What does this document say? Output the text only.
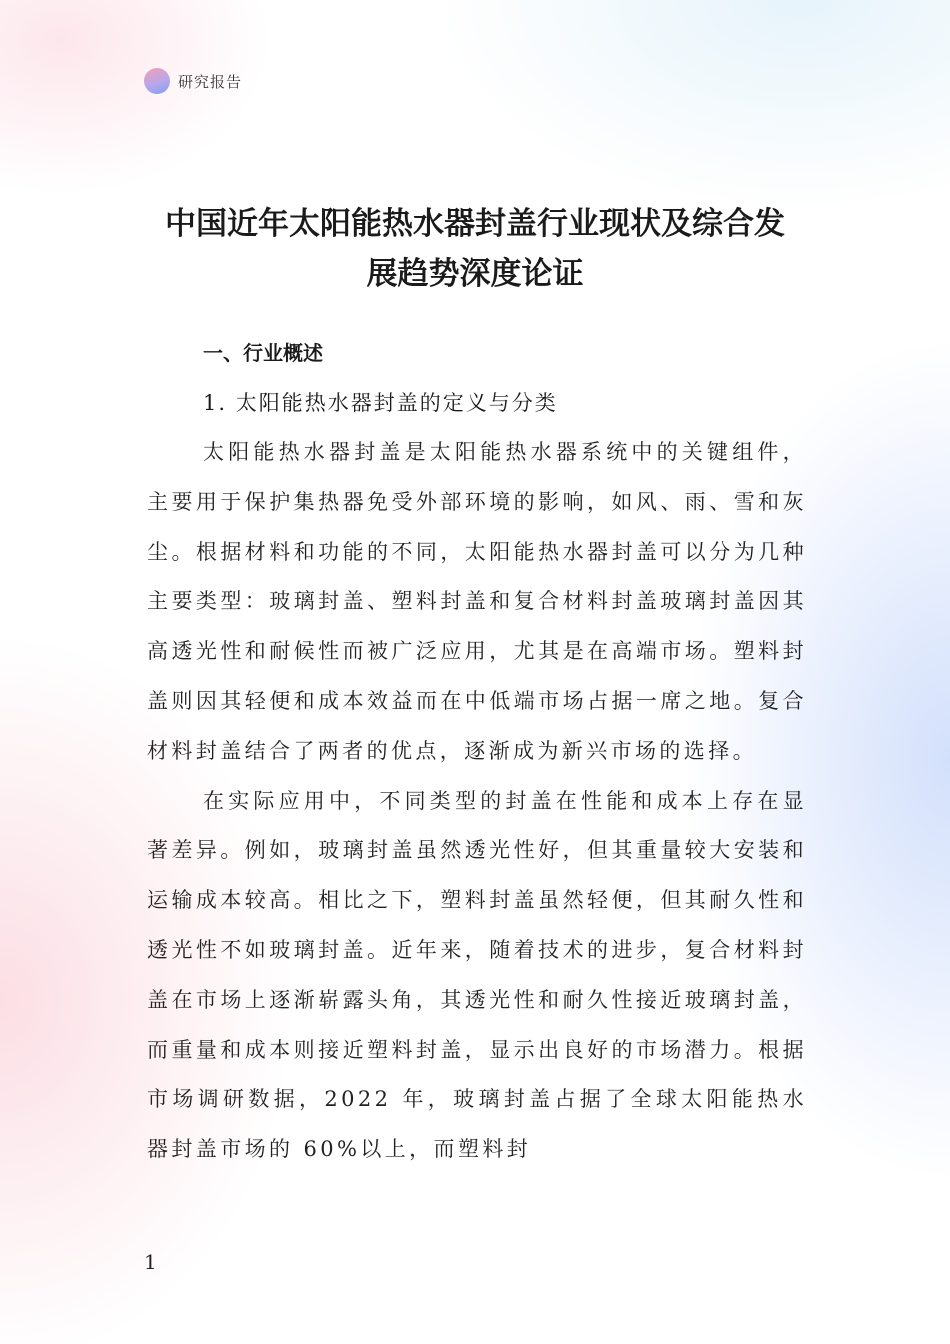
研究报告
中国近年太阳能热水器封盖行业现状及综合发
展趋势深度论证

一、行业概述

1. 太阳能热水器封盖的定义与分类

太阳能热水器封盖是太阳能热水器系统中的关键组件，主要用于保护集热器免受外部环境的影响，如风、雨、雪和灰尘。根据材料和功能的不同，太阳能热水器封盖可以分为几种主要类型：玻璃封盖、塑料封盖和复合材料封盖玻璃封盖因其高透光性和耐候性而被广泛应用，尤其是在高端市场。塑料封盖则因其轻便和成本效益而在中低端市场占据一席之地。复合材料封盖结合了两者的优点，逐渐成为新兴市场的选择。

在实际应用中，不同类型的封盖在性能和成本上存在显著差异。例如，玻璃封盖虽然透光性好，但其重量较大安装和运输成本较高。相比之下，塑料封盖虽然轻便，但其耐久性和透光性不如玻璃封盖。近年来，随着技术的进步，复合材料封盖在市场上逐渐崭露头角，其透光性和耐久性接近玻璃封盖，而重量和成本则接近塑料封盖，显示出良好的市场潜力。根据市场调研数据，2022 年，玻璃封盖占据了全球太阳能热水器封盖市场的 60%以上，而塑料封

1
